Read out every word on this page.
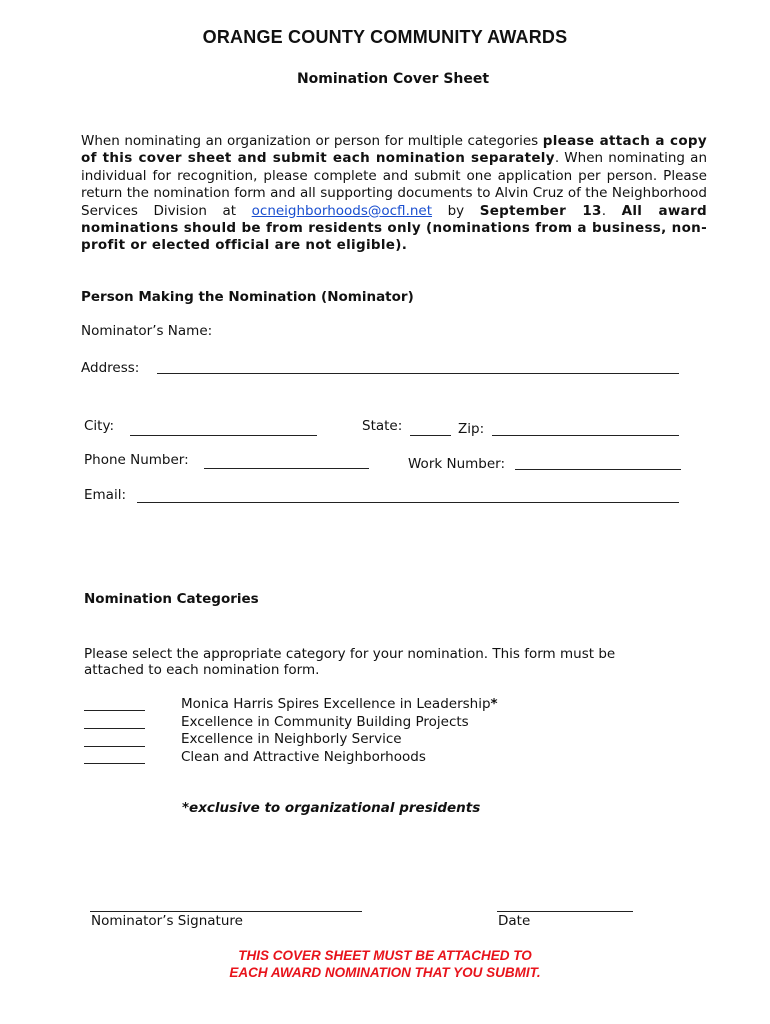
ORANGE COUNTY COMMUNITY AWARDS
Nomination Cover Sheet
When nominating an organization or person for multiple categories please attach a copy of this cover sheet and submit each nomination separately. When nominating an individual for recognition, please complete and submit one application per person. Please return the nomination form and all supporting documents to Alvin Cruz of the Neighborhood Services Division at ocneighborhoods@ocfl.net by September 13. All award nominations should be from residents only (nominations from a business, non-profit or elected official are not eligible).
Person Making the Nomination (Nominator)
Nominator’s Name:
Address:
City:	State:	Zip:
Phone Number:	Work Number:
Email:
Nomination Categories
Please select the appropriate category for your nomination. This form must be
attached to each nomination form.
Monica Harris Spires Excellence in Leadership*
Excellence in Community Building Projects
Excellence in Neighborly Service
Clean and Attractive Neighborhoods
*exclusive to organizational presidents
Nominator’s Signature	Date
THIS COVER SHEET MUST BE ATTACHED TO
EACH AWARD NOMINATION THAT YOU SUBMIT.
